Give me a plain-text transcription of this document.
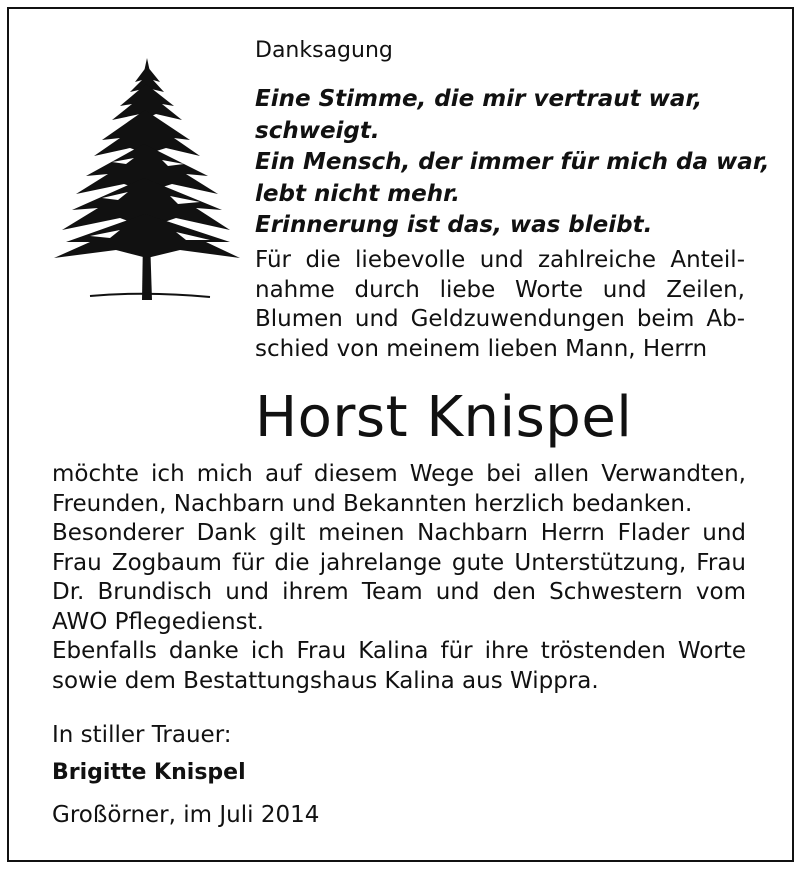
Danksagung
Eine Stimme, die mir vertraut war,
schweigt.
Ein Mensch, der immer für mich da war,
lebt nicht mehr.
Erinnerung ist das, was bleibt.
Für die liebevolle und zahlreiche Anteil-
nahme durch liebe Worte und Zeilen,
Blumen und Geldzuwendungen beim Ab-
schied von meinem lieben Mann, Herrn
Horst Knispel
möchte ich mich auf diesem Wege bei allen Verwandten,
Freunden, Nachbarn und Bekannten herzlich bedanken.
Besonderer Dank gilt meinen Nachbarn Herrn Flader und
Frau Zogbaum für die jahrelange gute Unterstützung, Frau
Dr. Brundisch und ihrem Team und den Schwestern vom
AWO Pflegedienst.
Ebenfalls danke ich Frau Kalina für ihre tröstenden Worte
sowie dem Bestattungshaus Kalina aus Wippra.

In stiller Trauer:

Brigitte Knispel

Großörner, im Juli 2014
